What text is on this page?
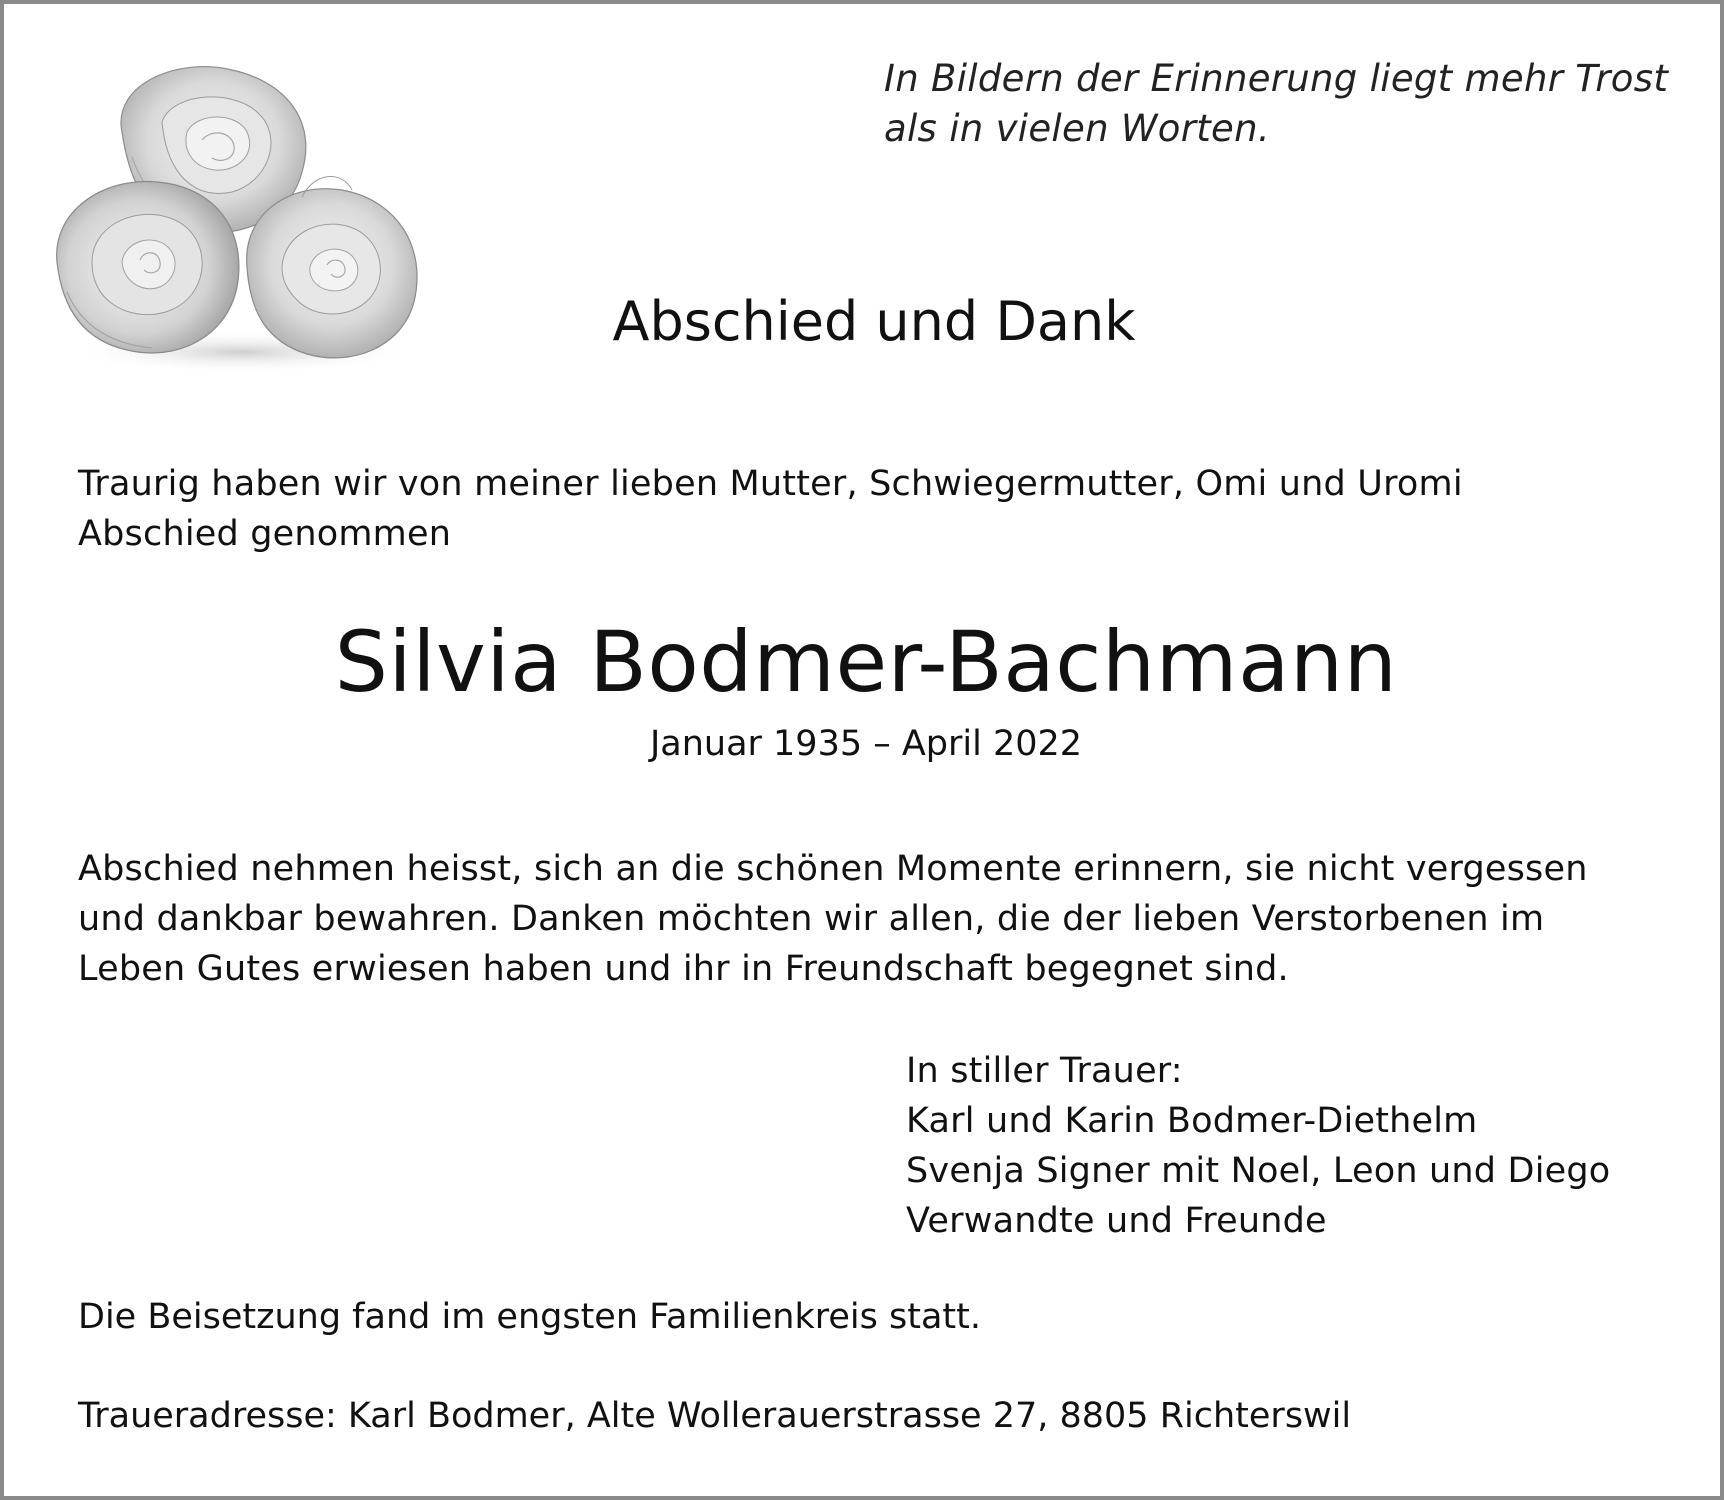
In Bildern der Erinnerung liegt mehr Trost
als in vielen Worten.
Abschied und Dank
Traurig haben wir von meiner lieben Mutter, Schwiegermutter, Omi und Uromi
Abschied genommen
Silvia Bodmer-Bachmann
Januar 1935 – April 2022
Abschied nehmen heisst, sich an die schönen Momente erinnern, sie nicht vergessen
und dankbar bewahren. Danken möchten wir allen, die der lieben Verstorbenen im
Leben Gutes erwiesen haben und ihr in Freundschaft begegnet sind.
In stiller Trauer:
Karl und Karin Bodmer-Diethelm
Svenja Signer mit Noel, Leon und Diego
Verwandte und Freunde
Die Beisetzung fand im engsten Familienkreis statt.
Traueradresse: Karl Bodmer, Alte Wollerauerstrasse 27, 8805 Richterswil
